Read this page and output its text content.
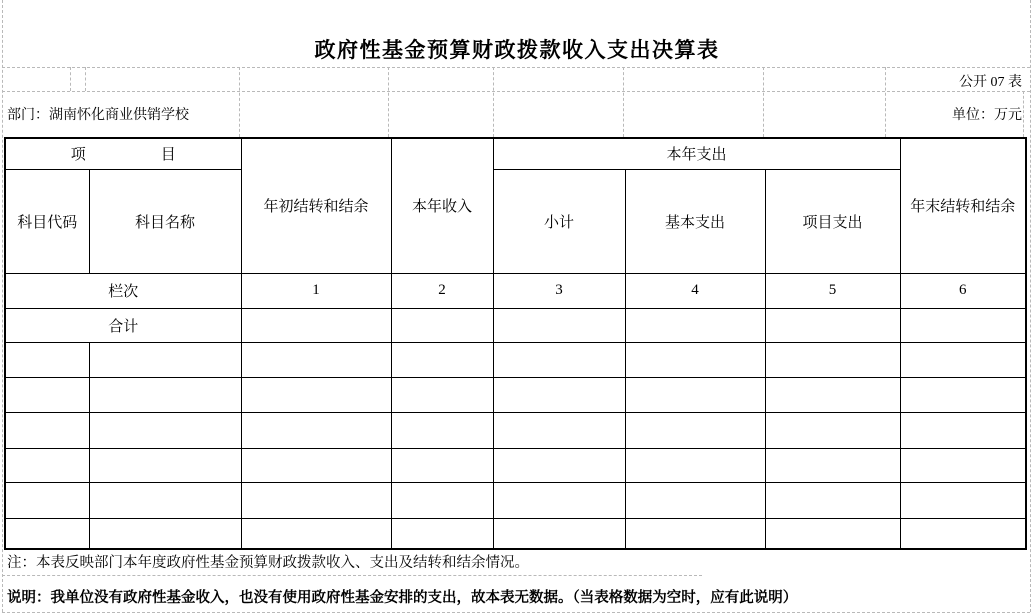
政府性基金预算财政拨款收入支出决算表
公开 07 表
部门：湖南怀化商业供销学校	单位：万元
项　　　　　目		年初结转和结余	本年收入	本年支出			年末结转和结余
科目代码	科目名称			小计	基本支出	项目支出	
栏次		1	2	3	4	5	6
合计							

注：本表反映部门本年度政府性基金预算财政拨款收入、支出及结转和结余情况。
说明：我单位没有政府性基金收入，也没有使用政府性基金安排的支出，故本表无数据。（当表格数据为空时，应有此说明）
